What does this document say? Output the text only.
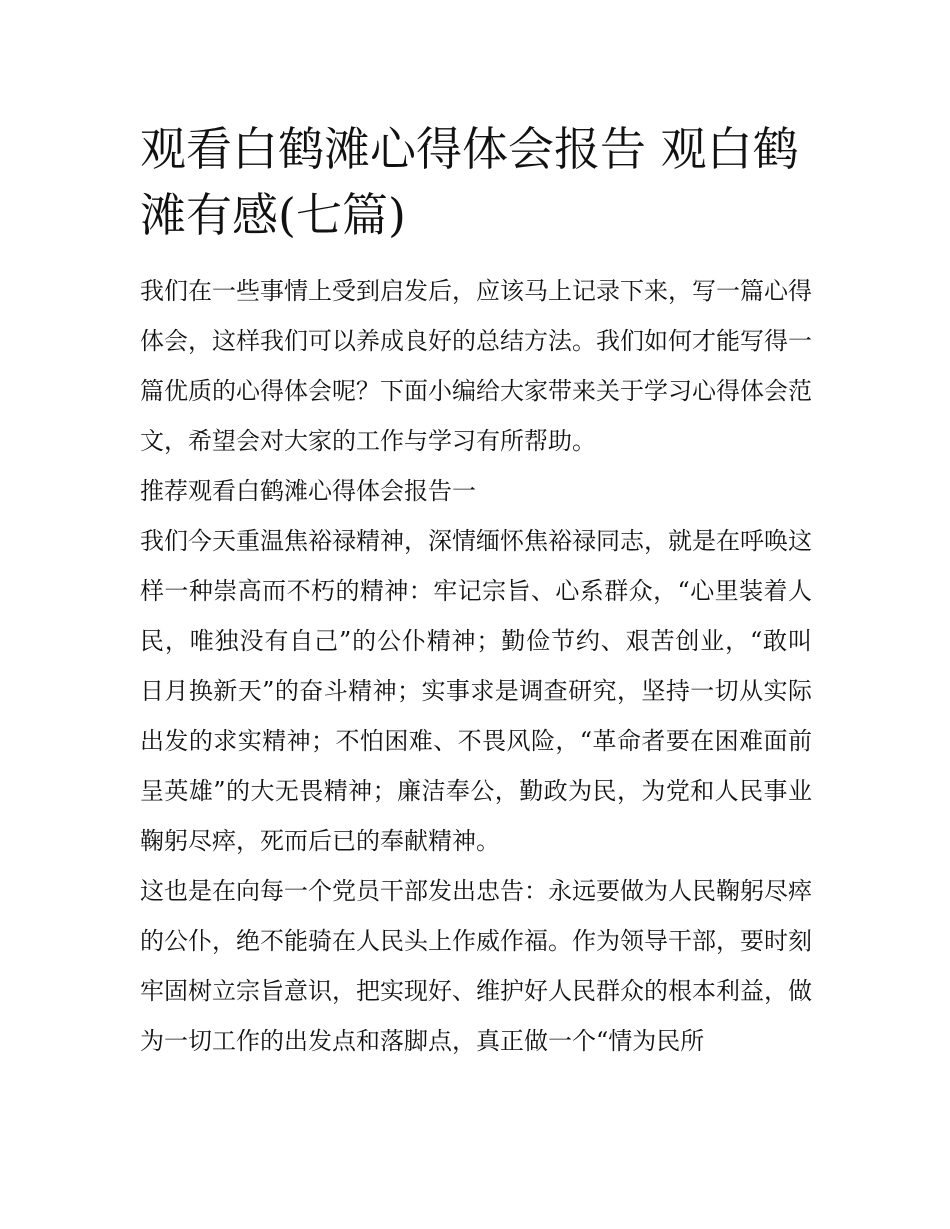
观看白鹤滩心得体会报告 观白鹤滩有感(七篇)

我们在一些事情上受到启发后，应该马上记录下来，写一篇心得体会，这样我们可以养成良好的总结方法。我们如何才能写得一篇优质的心得体会呢？下面小编给大家带来关于学习心得体会范文，希望会对大家的工作与学习有所帮助。

推荐观看白鹤滩心得体会报告一

我们今天重温焦裕禄精神，深情缅怀焦裕禄同志，就是在呼唤这样一种崇高而不朽的精神：牢记宗旨、心系群众，“心里装着人民，唯独没有自己”的公仆精神；勤俭节约、艰苦创业，“敢叫日月换新天”的奋斗精神；实事求是调查研究，坚持一切从实际出发的求实精神；不怕困难、不畏风险，“革命者要在困难面前呈英雄”的大无畏精神；廉洁奉公，勤政为民，为党和人民事业鞠躬尽瘁，死而后已的奉献精神。

这也是在向每一个党员干部发出忠告：永远要做为人民鞠躬尽瘁的公仆，绝不能骑在人民头上作威作福。作为领导干部，要时刻牢固树立宗旨意识，把实现好、维护好人民群众的根本利益，做为一切工作的出发点和落脚点，真正做一个“情为民所
